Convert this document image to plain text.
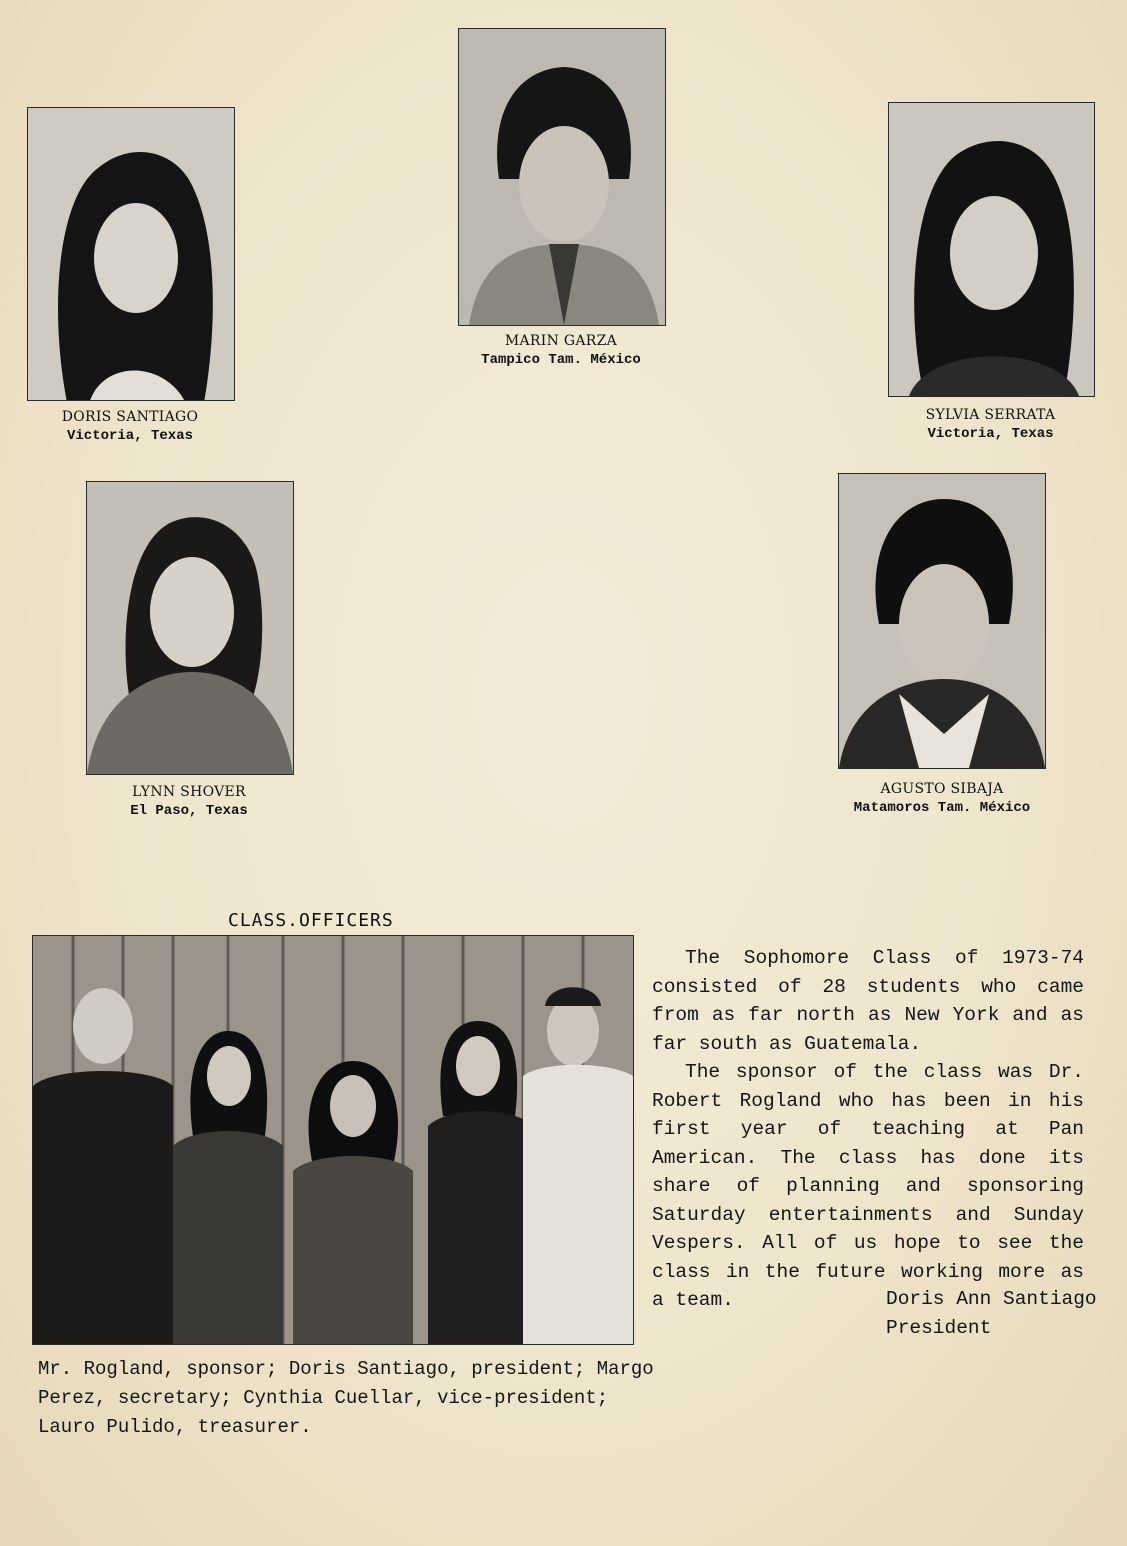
DORIS SANTIAGO
Victoria, Texas
MARIN GARZA
Tampico Tam. México
SYLVIA SERRATA
Victoria, Texas
LYNN SHOVER
El Paso, Texas
AGUSTO SIBAJA
Matamoros Tam. México
CLASS.OFFICERS

The Sophomore Class of 1973-74 consisted of 28 students who came from as far north as New York and as far south as Guatemala.

The sponsor of the class was Dr. Robert Rogland who has been in his first year of teaching at Pan American. The class has done its share of planning and sponsoring Saturday entertainments and Sunday Vespers. All of us hope to see the class in the future working more as a team.	Doris Ann Santiago
President
Mr. Rogland, sponsor; Doris Santiago, president; Margo Perez, secretary; Cynthia Cuellar, vice-president; Lauro Pulido, treasurer.
